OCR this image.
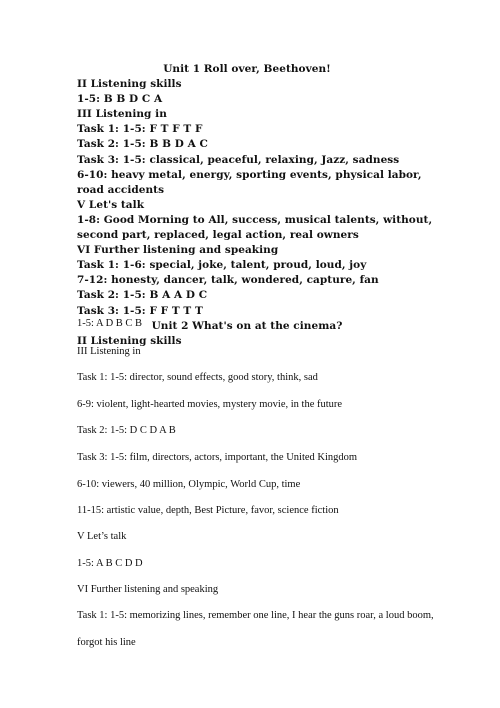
Unit 1 Roll over, Beethoven!
II Listening skills
1-5: B B D C A
III Listening in
Task 1: 1-5: F T F T F
Task 2: 1-5: B B D A C
Task 3: 1-5: classical, peaceful, relaxing, Jazz, sadness
6-10: heavy metal, energy, sporting events, physical labor,
road accidents
V Let's talk
1-8: Good Morning to All, success, musical talents, without,
second part, replaced, legal action, real owners
VI Further listening and speaking
Task 1: 1-6: special, joke, talent, proud, loud, joy
7-12: honesty, dancer, talk, wondered, capture, fan
Task 2: 1-5: B A A D C
Task 3: 1-5: F F T T T
Unit 2 What's on at the cinema?
II Listening skills
1-5: A D B C B
III Listening in
Task 1: 1-5: director, sound effects, good story, think, sad
6-9: violent, light-hearted movies, mystery movie, in the future
Task 2: 1-5: D C D A B
Task 3: 1-5: film, directors, actors, important, the United Kingdom
6-10: viewers, 40 million, Olympic, World Cup, time
11-15: artistic value, depth, Best Picture, favor, science fiction
V Let’s talk
1-5: A B C D D
VI Further listening and speaking
Task 1: 1-5: memorizing lines, remember one line, I hear the guns roar, a loud boom,
forgot his line
